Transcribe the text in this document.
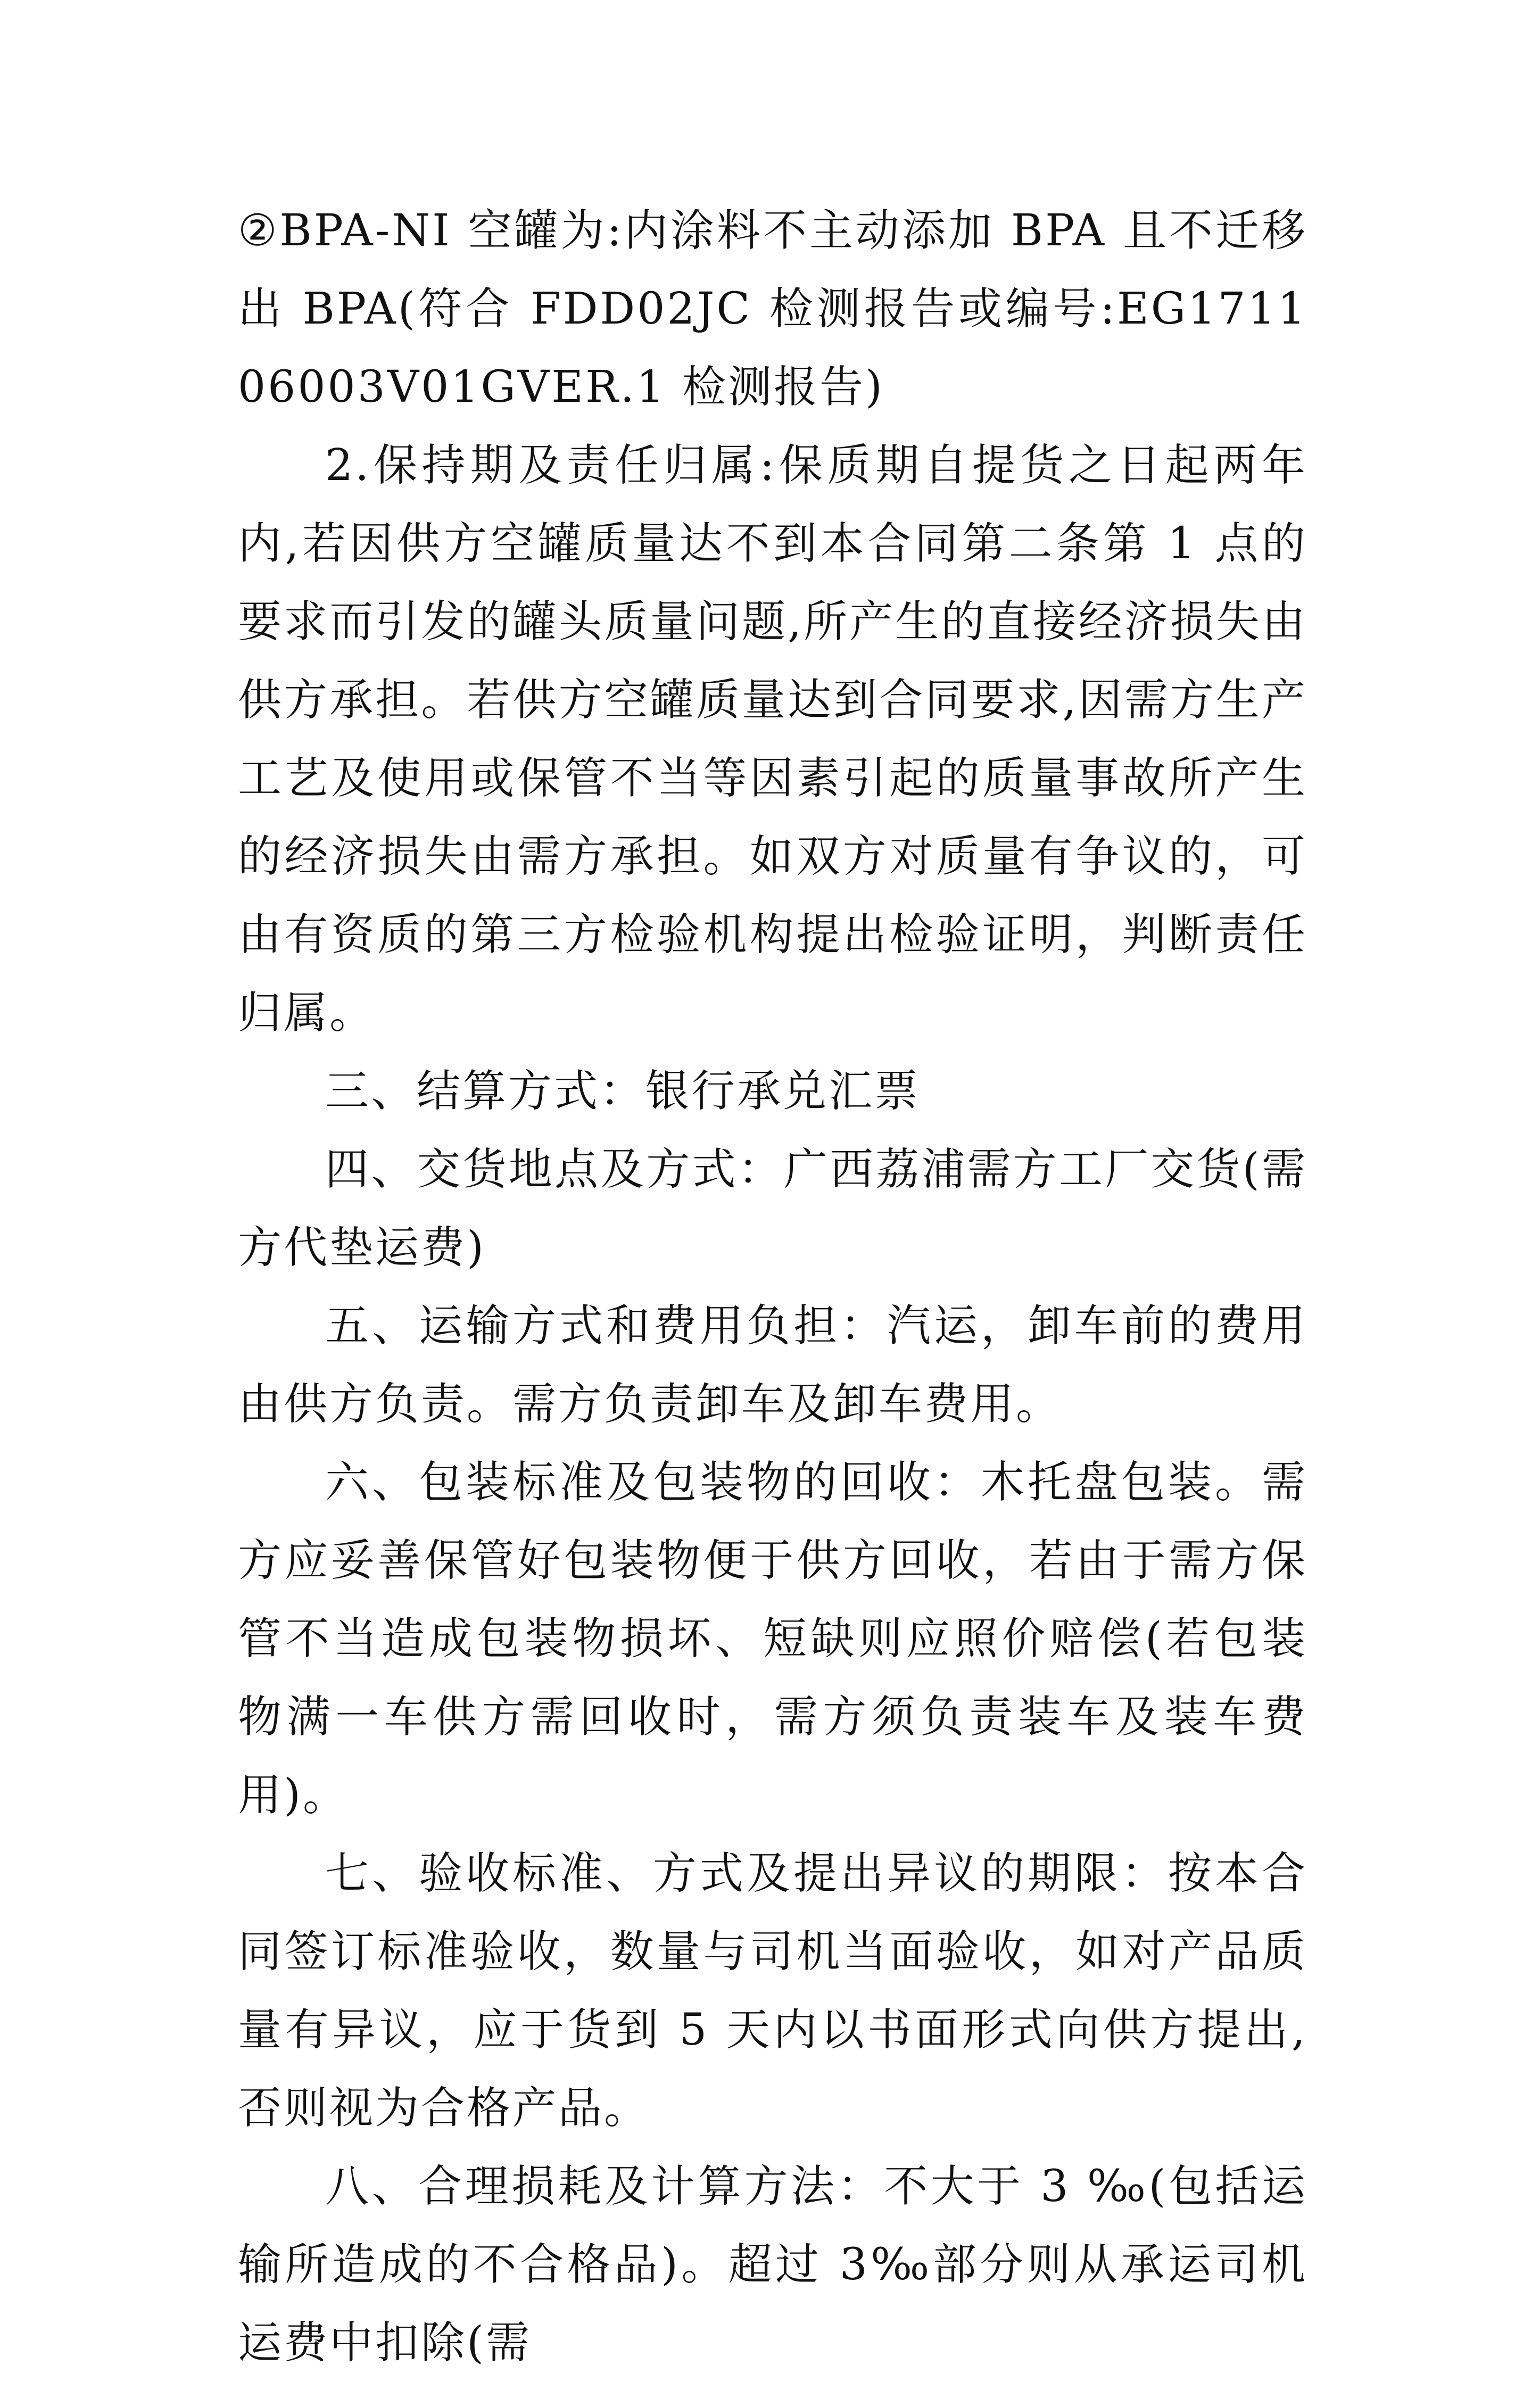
②BPA-NI 空罐为:内涂料不主动添加 BPA 且不迁移出 BPA(符合 FDD02JC 检测报告或编号:EG171106003V01GVER.1 检测报告)

2.保持期及责任归属:保质期自提货之日起两年内,若因供方空罐质量达不到本合同第二条第 1 点的要求而引发的罐头质量问题,所产生的直接经济损失由供方承担。若供方空罐质量达到合同要求,因需方生产工艺及使用或保管不当等因素引起的质量事故所产生的经济损失由需方承担。如双方对质量有争议的，可由有资质的第三方检验机构提出检验证明，判断责任归属。

三、结算方式：银行承兑汇票

四、交货地点及方式：广西荔浦需方工厂交货(需方代垫运费)

五、运输方式和费用负担：汽运，卸车前的费用由供方负责。需方负责卸车及卸车费用。

六、包装标准及包装物的回收：木托盘包装。需方应妥善保管好包装物便于供方回收，若由于需方保管不当造成包装物损坏、短缺则应照价赔偿(若包装物满一车供方需回收时，需方须负责装车及装车费用)。

七、验收标准、方式及提出异议的期限：按本合同签订标准验收，数量与司机当面验收，如对产品质量有异议，应于货到 5 天内以书面形式向供方提出,否则视为合格产品。

八、合理损耗及计算方法：不大于 3 ‰(包括运输所造成的不合格品)。超过 3‰部分则从承运司机运费中扣除(需
